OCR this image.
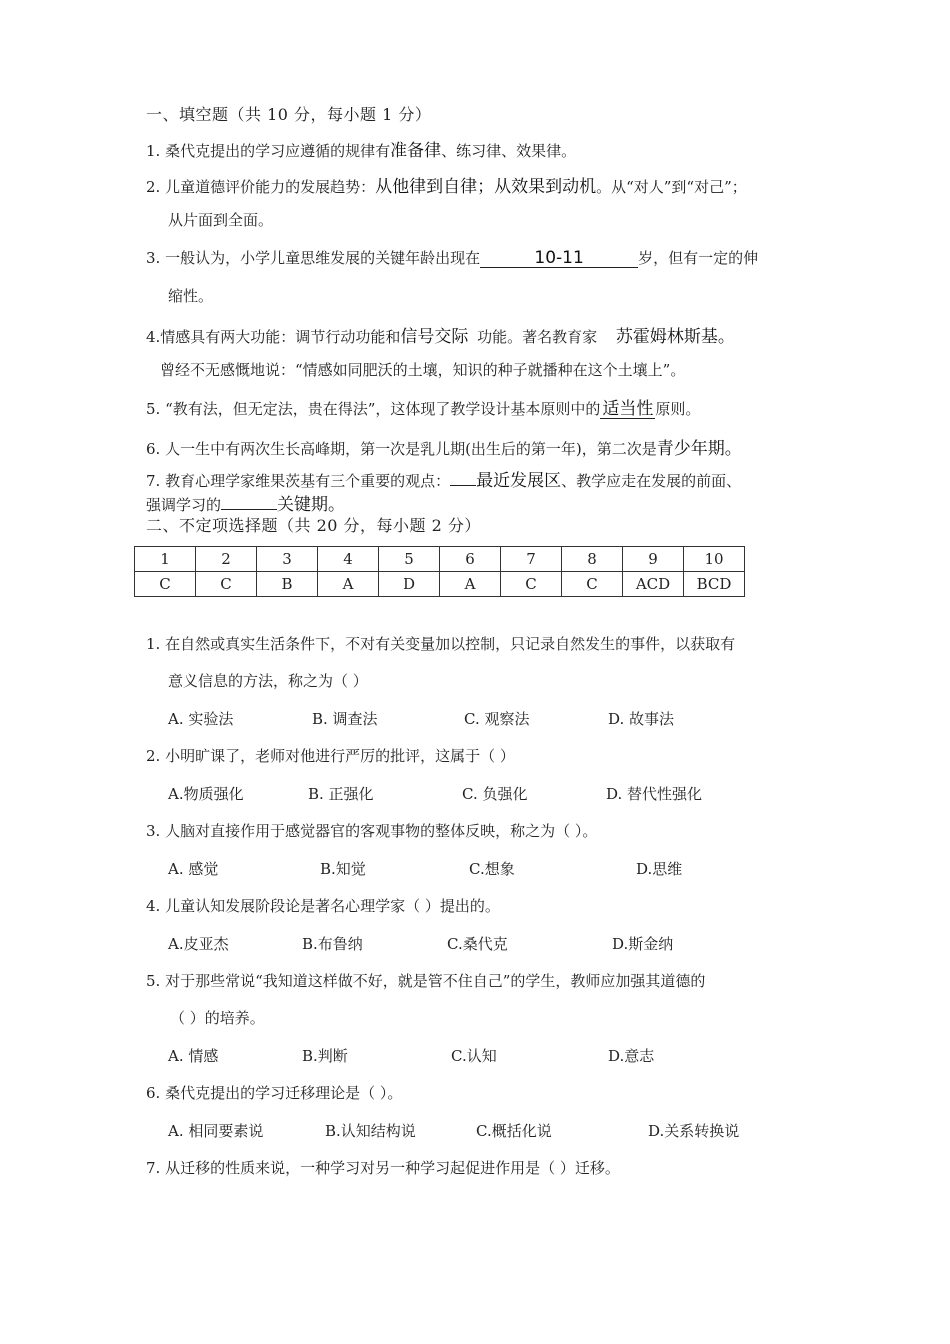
一、填空题（共 10 分，每小题 1 分）
1. 桑代克提出的学习应遵循的规律有准备律、练习律、效果律。
2. 儿童道德评价能力的发展趋势：从他律到自律；从效果到动机。从“对人”到“对己”；
从片面到全面。
3. 一般认为，小学儿童思维发展的关键年龄出现在	10-11	岁，但有一定的伸
缩性。
4.情感具有两大功能：调节行动功能和信号交际 功能。著名教育家 苏霍姆林斯基。
曾经不无感慨地说：“情感如同肥沃的土壤，知识的种子就播种在这个土壤上”。
5. “教有法，但无定法，贵在得法”，这体现了教学设计基本原则中的 适当性 原则。
6. 人一生中有两次生长高峰期，第一次是乳儿期(出生后的第一年)，第二次是青少年期。
7. 教育心理学家维果茨基有三个重要的观点： 最近发展区、教学应走在发展的前面、
强调学习的	关键期。
二、不定项选择题（共 20 分，每小题 2 分）
1	2	3	4	5	6	7	8	9	10
C	C	B	A	D	A	C	C	ACD	BCD
1. 在自然或真实生活条件下，不对有关变量加以控制，只记录自然发生的事件，以获取有
意义信息的方法，称之为（ ）
A. 实验法	B. 调查法	C. 观察法	D. 故事法
2. 小明旷课了，老师对他进行严厉的批评，这属于（ ）
A.物质强化	B. 正强化	C. 负强化	D. 替代性强化
3. 人脑对直接作用于感觉器官的客观事物的整体反映，称之为（ ）。
A. 感觉	B.知觉	C.想象	D.思维
4. 儿童认知发展阶段论是著名心理学家（ ）提出的。
A.皮亚杰	B.布鲁纳	C.桑代克	D.斯金纳
5. 对于那些常说“我知道这样做不好，就是管不住自己”的学生，教师应加强其道德的
（ ）的培养。
A. 情感	B.判断	C.认知	D.意志
6. 桑代克提出的学习迁移理论是（ ）。
A. 相同要素说	B.认知结构说	C.概括化说	D.关系转换说
7. 从迁移的性质来说，一种学习对另一种学习起促进作用是（ ）迁移。
